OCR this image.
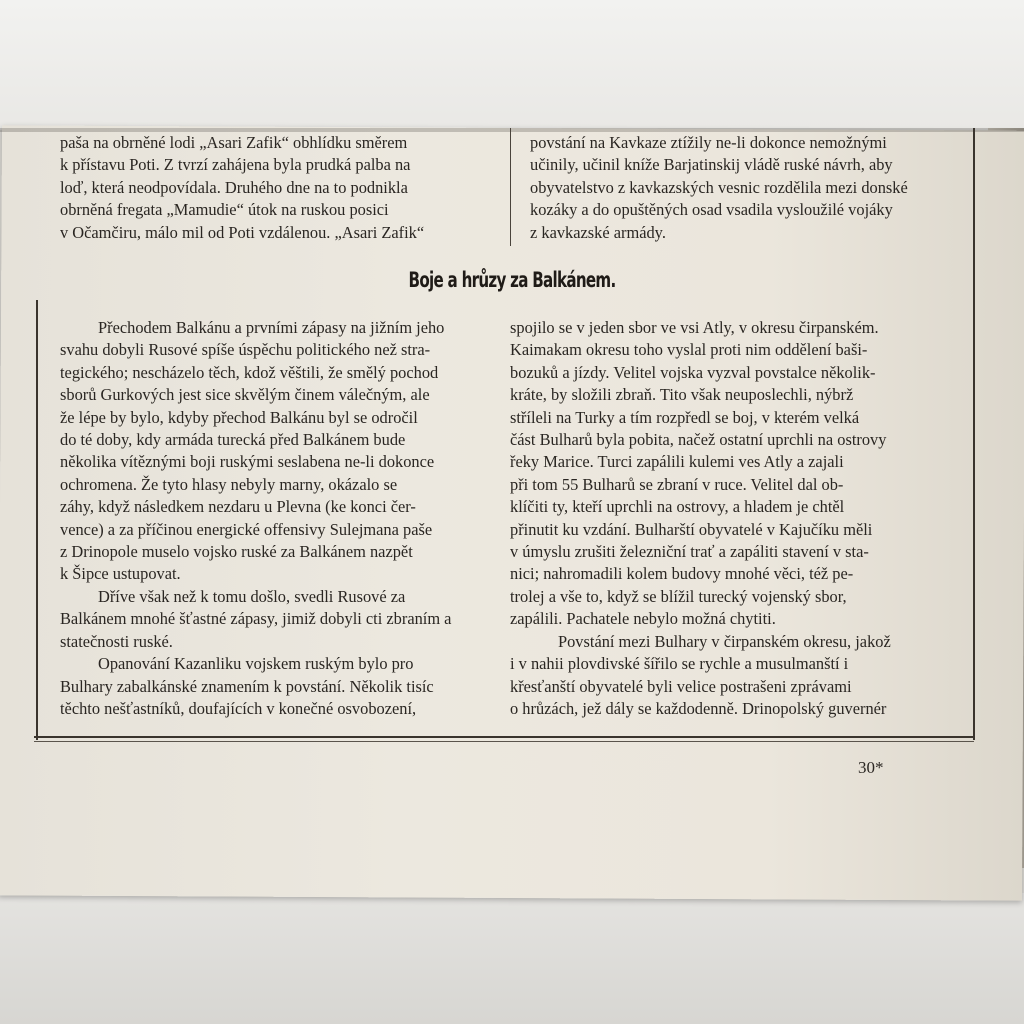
paša na obrněné lodi „Asari Zafik“ obhlídku směrem
k přístavu Poti. Z tvrzí zahájena byla prudká palba na
loď, která neodpovídala. Druhého dne na to podnikla
obrněná fregata „Mamudie“ útok na ruskou posici
v Očamčiru, málo mil od Poti vzdálenou. „Asari Zafik“
povstání na Kavkaze ztížily ne-li dokonce nemožnými
učinily, učinil kníže Barjatinskij vládě ruské návrh, aby
obyvatelstvo z kavkazských vesnic rozdělila mezi donské
kozáky a do opuštěných osad vsadila vysloužilé vojáky
z kavkazské armády.
Boje a hrůzy za Balkánem.
Přechodem Balkánu a prvními zápasy na jižním jeho
svahu dobyli Rusové spíše úspěchu politického než stra-
tegického; nescházelo těch, kdož věštili, že smělý pochod
sborů Gurkových jest sice skvělým činem válečným, ale
že lépe by bylo, kdyby přechod Balkánu byl se odročil
do té doby, kdy armáda turecká před Balkánem bude
několika vítěznými boji ruskými seslabena ne-li dokonce
ochromena. Že tyto hlasy nebyly marny, okázalo se
záhy, když následkem nezdaru u Plevna (ke konci čer-
vence) a za příčinou energické offensivy Sulejmana paše
z Drinopole muselo vojsko ruské za Balkánem nazpět
k Šipce ustupovat.
Dříve však než k tomu došlo, svedli Rusové za
Balkánem mnohé šťastné zápasy, jimiž dobyli cti zbraním a
statečnosti ruské.
Opanování Kazanliku vojskem ruským bylo pro
Bulhary zabalkánské znamením k povstání. Několik tisíc
těchto nešťastníků, doufajících v konečné osvobození,
spojilo se v jeden sbor ve vsi Atly, v okresu čirpanském.
Kaimakam okresu toho vyslal proti nim oddělení baši-
bozuků a jízdy. Velitel vojska vyzval povstalce několik-
kráte, by složili zbraň. Tito však neuposlechli, nýbrž
stříleli na Turky a tím rozpředl se boj, v kterém velká
část Bulharů byla pobita, načež ostatní uprchli na ostrovy
řeky Marice. Turci zapálili kulemi ves Atly a zajali
při tom 55 Bulharů se zbraní v ruce. Velitel dal ob-
klíčiti ty, kteří uprchli na ostrovy, a hladem je chtěl
přinutit ku vzdání. Bulharští obyvatelé v Kajučíku měli
v úmyslu zrušiti železniční trať a zapáliti stavení v sta-
nici; nahromadili kolem budovy mnohé věci, též pe-
trolej a vše to, když se blížil turecký vojenský sbor,
zapálili. Pachatele nebylo možná chytiti.
Povstání mezi Bulhary v čirpanském okresu, jakož
i v nahii plovdivské šířilo se rychle a musulmanští i
křesťanští obyvatelé byli velice postrašeni zprávami
o hrůzách, jež dály se každodenně. Drinopolský guvernér
30*
